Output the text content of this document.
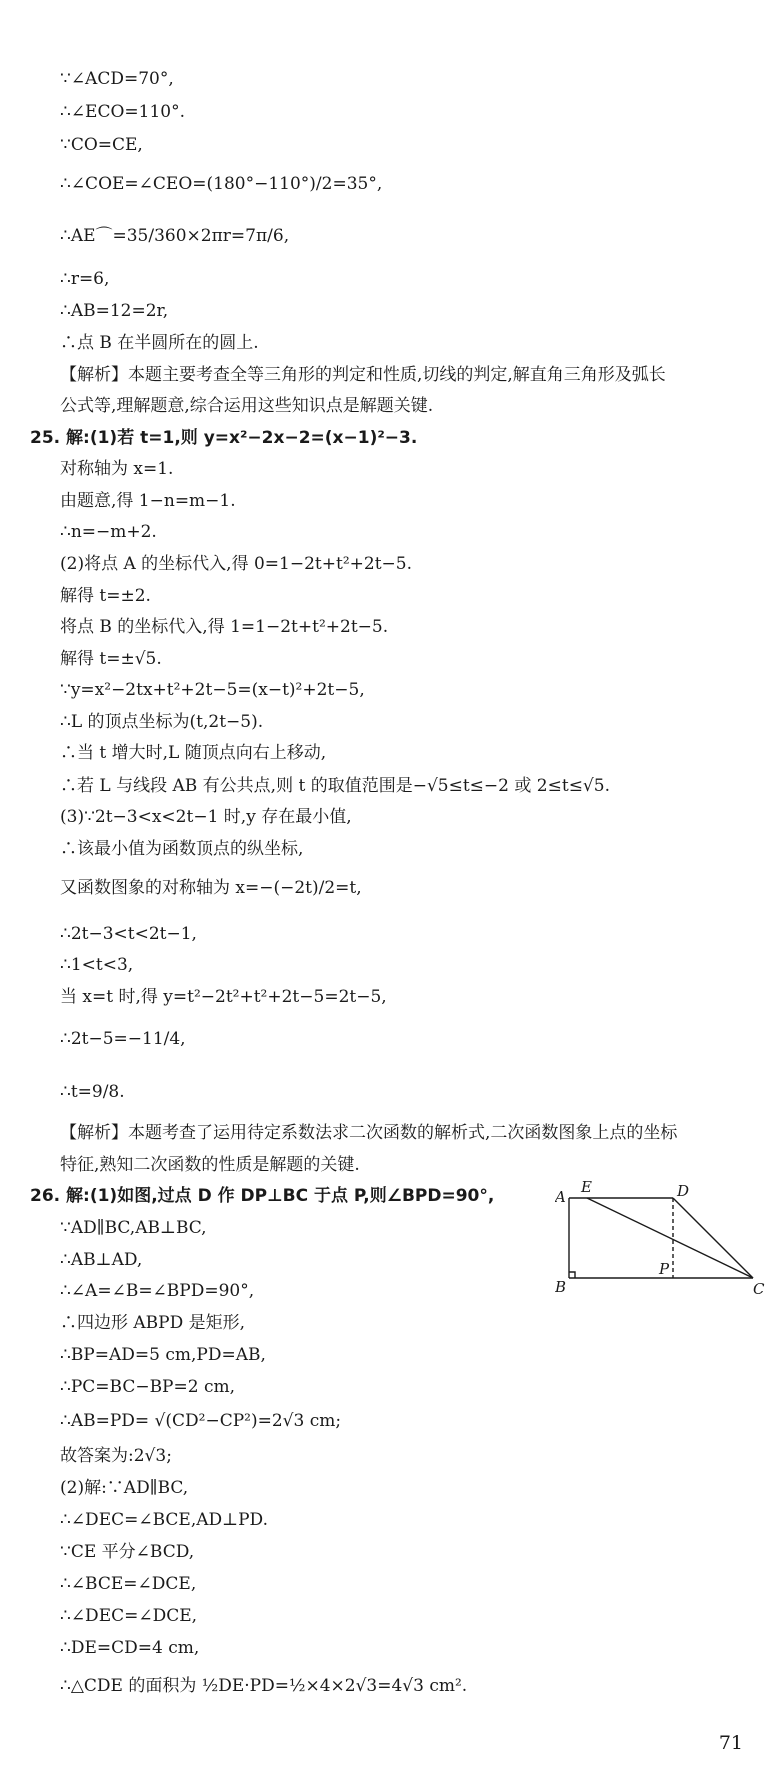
∵∠ACD=70°,
∴∠ECO=110°.
∵CO=CE,
∴∠COE=∠CEO=(180°−110°)/2=35°,
∴AE⌒=35/360×2πr=7π/6,
∴r=6,
∴AB=12=2r,
∴点 B 在半圆所在的圆上.
【解析】本题主要考查全等三角形的判定和性质,切线的判定,解直角三角形及弧长
公式等,理解题意,综合运用这些知识点是解题关键.
25. 解:(1)若 t=1,则 y=x²−2x−2=(x−1)²−3.
对称轴为 x=1.
由题意,得 1−n=m−1.
∴n=−m+2.
(2)将点 A 的坐标代入,得 0=1−2t+t²+2t−5.
解得 t=±2.
将点 B 的坐标代入,得 1=1−2t+t²+2t−5.
解得 t=±√5.
∵y=x²−2tx+t²+2t−5=(x−t)²+2t−5,
∴L 的顶点坐标为(t,2t−5).
∴当 t 增大时,L 随顶点向右上移动,
∴若 L 与线段 AB 有公共点,则 t 的取值范围是−√5≤t≤−2 或 2≤t≤√5.
(3)∵2t−3<x<2t−1 时,y 存在最小值,
∴该最小值为函数顶点的纵坐标,
又函数图象的对称轴为 x=−(−2t)/2=t,
∴2t−3<t<2t−1,
∴1<t<3,
当 x=t 时,得 y=t²−2t²+t²+2t−5=2t−5,
∴2t−5=−11/4,
∴t=9/8.
【解析】本题考查了运用待定系数法求二次函数的解析式,二次函数图象上点的坐标
特征,熟知二次函数的性质是解题的关键.
26. 解:(1)如图,过点 D 作 DP⊥BC 于点 P,则∠BPD=90°,
∵AD∥BC,AB⊥BC,
∴AB⊥AD,
∴∠A=∠B=∠BPD=90°,
∴四边形 ABPD 是矩形,
∴BP=AD=5 cm,PD=AB,
∴PC=BC−BP=2 cm,
∴AB=PD= √(CD²−CP²)=2√3 cm;
故答案为:2√3;
(2)解:∵AD∥BC,
∴∠DEC=∠BCE,AD⊥PD.
∵CE 平分∠BCD,
∴∠BCE=∠DCE,
∴∠DEC=∠DCE,
∴DE=CD=4 cm,
∴△CDE 的面积为 ½DE·PD=½×4×2√3=4√3 cm².
A
E	D
B
P
C
71
